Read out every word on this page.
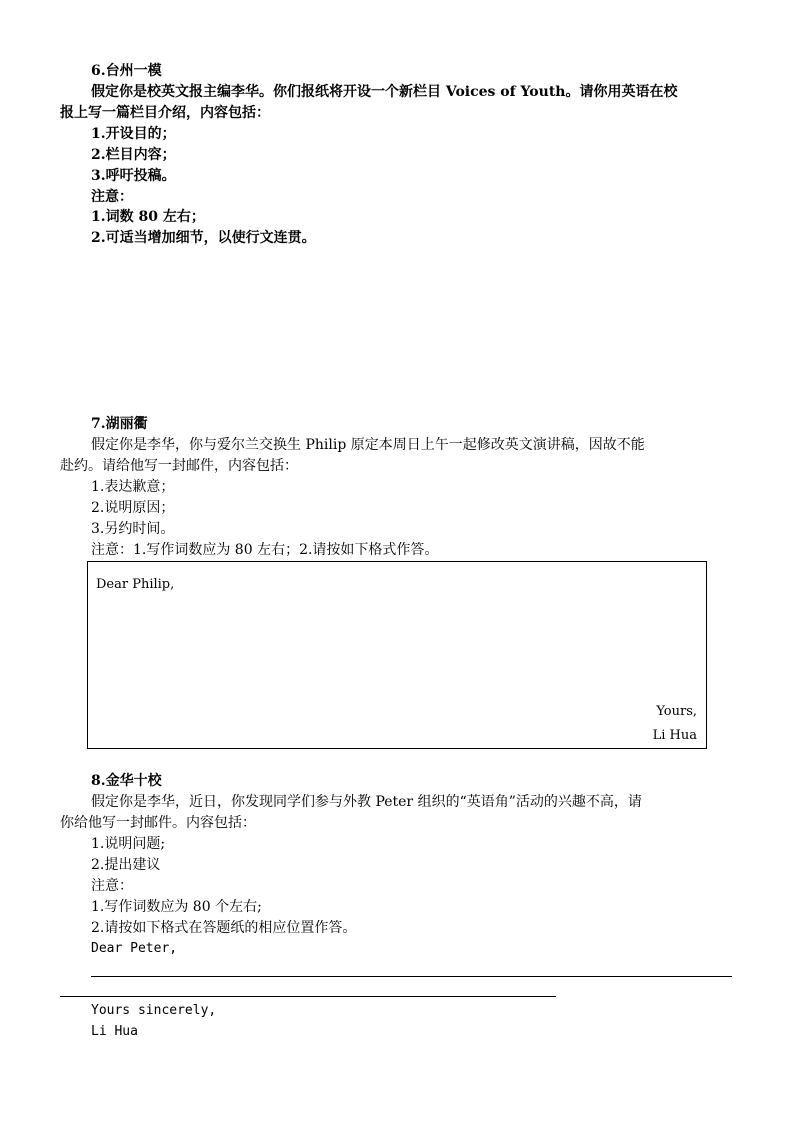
6.台州一模
假定你是校英文报主编李华。你们报纸将开设一个新栏目 Voices of Youth。请你用英语在校
报上写一篇栏目介绍，内容包括：
1.开设目的；
2.栏目内容；
3.呼吁投稿。
注意：
1.词数 80 左右；
2.可适当增加细节，以使行文连贯。
7.湖丽衢
假定你是李华，你与爱尔兰交换生 Philip 原定本周日上午一起修改英文演讲稿，因故不能
赴约。请给他写一封邮件，内容包括：
1.表达歉意；
2.说明原因；
3.另约时间。
注意：1.写作词数应为 80 左右；2.请按如下格式作答。
Dear Philip,
Yours,
Li Hua
8.金华十校
假定你是李华，近日，你发现同学们参与外教 Peter 组织的“英语角”活动的兴趣不高，请
你给他写一封邮件。内容包括：
1.说明问题;
2.提出建议
注意：
1.写作词数应为 80 个左右;
2.请按如下格式在答题纸的相应位置作答。
Dear Peter,
Yours sincerely,
Li Hua
